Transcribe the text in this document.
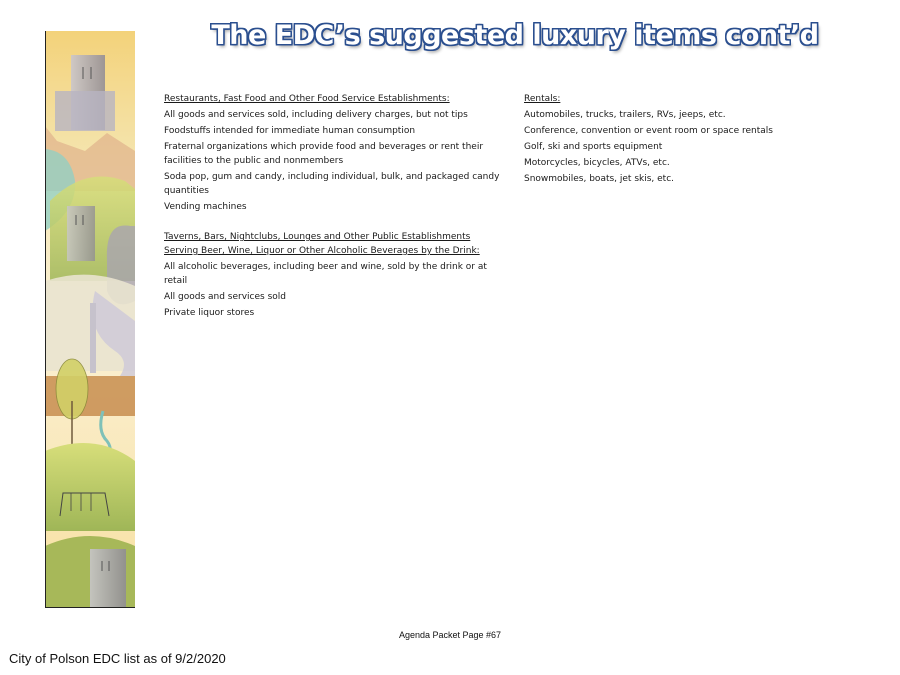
The EDC’s suggested luxury items cont’d
Restaurants, Fast Food and Other Food Service Establishments:
All goods and services sold, including delivery charges, but not tips
Foodstuffs intended for immediate human consumption
Fraternal organizations which provide food and beverages or rent their facilities to the public and nonmembers
Soda pop, gum and candy, including individual, bulk, and packaged candy quantities
Vending machines
Taverns, Bars, Nightclubs, Lounges and Other Public Establishments Serving Beer, Wine, Liquor or Other Alcoholic Beverages by the Drink:
All alcoholic beverages, including beer and wine, sold by the drink or at retail
All goods and services sold
Private liquor stores
Rentals:
Automobiles, trucks, trailers, RVs, jeeps, etc.
Conference, convention or event room or space rentals
Golf, ski and sports equipment
Motorcycles, bicycles, ATVs, etc.
Snowmobiles, boats, jet skis, etc.
Agenda Packet Page #67
City of Polson EDC list as of 9/2/2020
